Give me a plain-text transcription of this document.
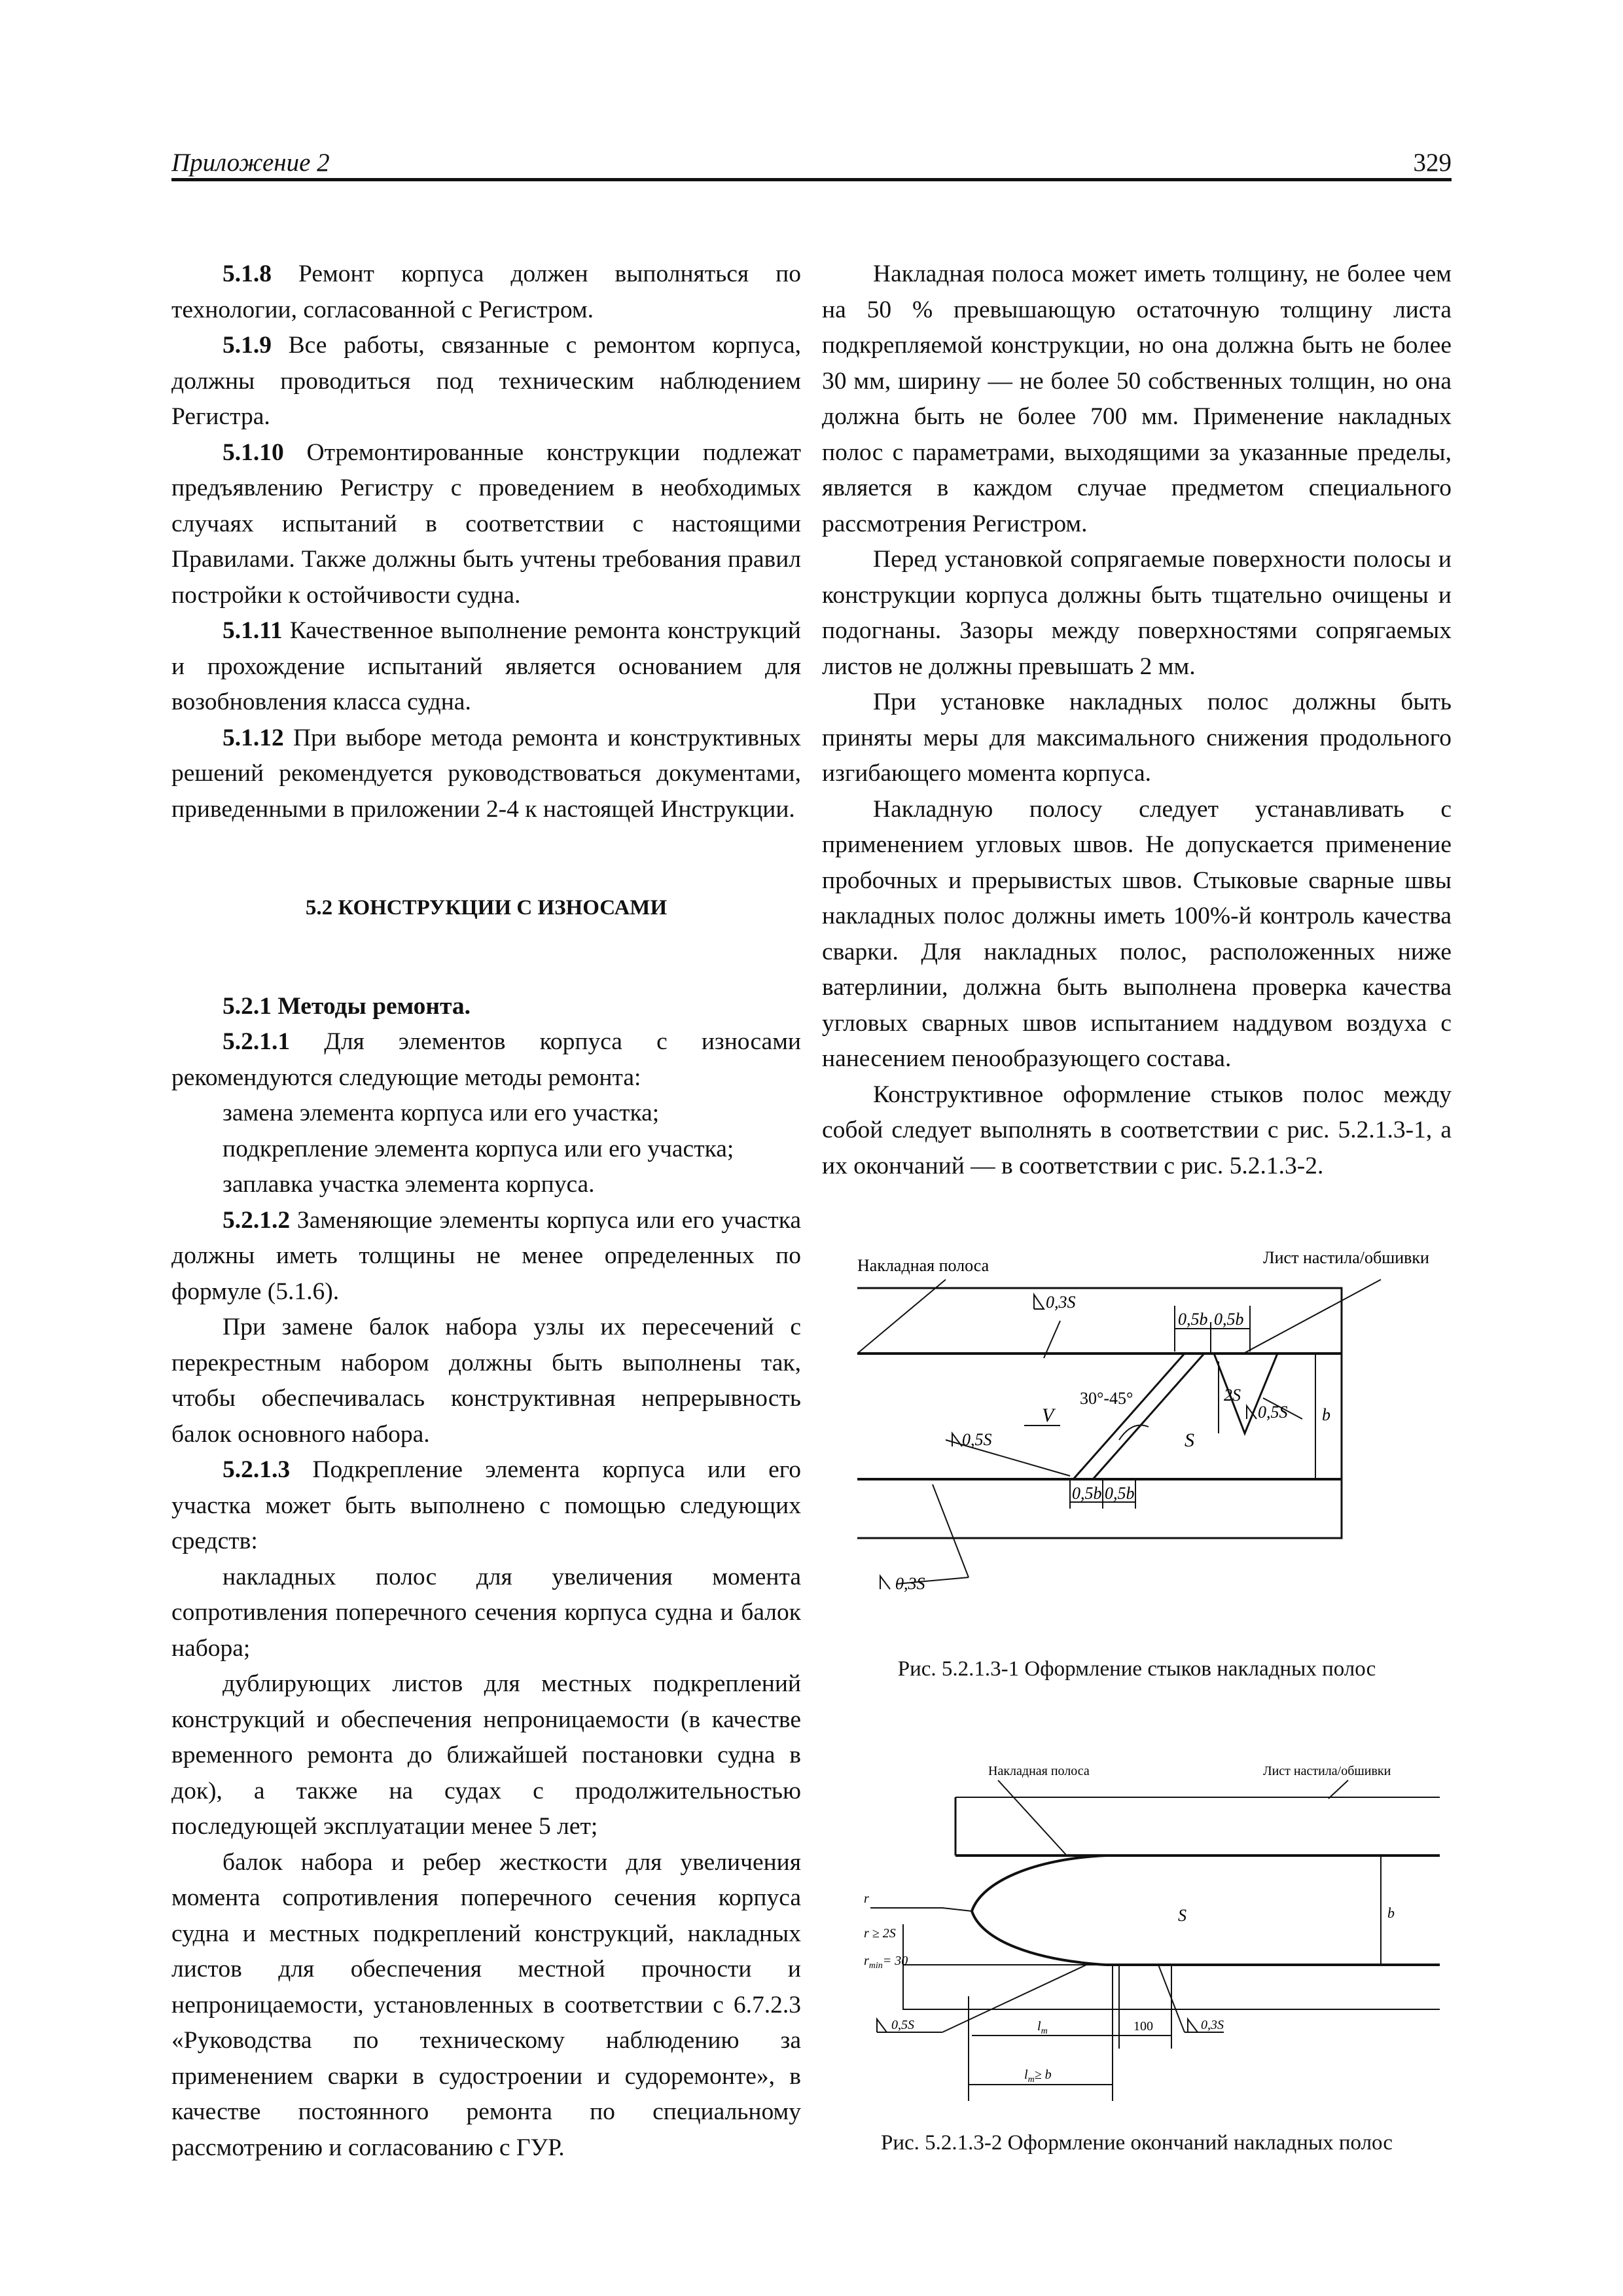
Приложение 2	329

5.1.8 Ремонт корпуса должен выполняться по технологии, согласованной с Регистром.

5.1.9 Все работы, связанные с ремонтом корпуса, должны проводиться под техническим наблюдением Регистра.

5.1.10 Отремонтированные конструкции подлежат предъявлению Регистру с проведением в необходимых случаях испытаний в соответствии с настоящими Правилами. Также должны быть учтены требования правил постройки к остойчивости судна.

5.1.11 Качественное выполнение ремонта конструкций и прохождение испытаний является основанием для возобновления класса судна.

5.1.12 При выборе метода ремонта и конструктивных решений рекомендуется руководствоваться документами, приведенными в приложении 2-4 к настоящей Инструкции.

5.2 КОНСТРУКЦИИ С ИЗНОСАМИ

5.2.1 Методы ремонта.

5.2.1.1 Для элементов корпуса с износами рекомендуются следующие методы ремонта:

замена элемента корпуса или его участка;

подкрепление элемента корпуса или его участка;

заплавка участка элемента корпуса.

5.2.1.2 Заменяющие элементы корпуса или его участка должны иметь толщины не менее определенных по формуле (5.1.6).

При замене балок набора узлы их пересечений с перекрестным набором должны быть выполнены так, чтобы обеспечивалась конструктивная непрерывность балок основного набора.

5.2.1.3 Подкрепление элемента корпуса или его участка может быть выполнено с помощью следующих средств:

накладных полос для увеличения момента сопротивления поперечного сечения корпуса судна и балок набора;

дублирующих листов для местных подкреплений конструкций и обеспечения непроницаемости (в качестве временного ремонта до ближайшей постановки судна в док), а также на судах с продолжительностью последующей эксплуатации менее 5 лет;

балок набора и ребер жесткости для увеличения момента сопротивления поперечного сечения корпуса судна и местных подкреплений конструкций, накладных листов для обеспечения местной прочности и непроницаемости, установленных в соответствии с 6.7.2.3 «Руководства по техническому наблюдению за применением сварки в судостроении и судоремонте», в качестве постоянного ремонта по специальному рассмотрению и согласованию с ГУР.

Накладная полоса может иметь толщину, не более чем на 50 % превышающую остаточную толщину листа подкрепляемой конструкции, но она должна быть не более 30 мм, ширину — не более 50 собственных толщин, но она должна быть не более 700 мм. Применение накладных полос с параметрами, выходящими за указанные пределы, является в каждом случае предметом специального рассмотрения Регистром.

Перед установкой сопрягаемые поверхности полосы и конструкции корпуса должны быть тщательно очищены и подогнаны. Зазоры между поверхностями сопрягаемых листов не должны превышать 2 мм.

При установке накладных полос должны быть приняты меры для максимального снижения продольного изгибающего момента корпуса.

Накладную полосу следует устанавливать с применением угловых швов. Не допускается применение пробочных и прерывистых швов. Стыковые сварные швы накладных полос должны иметь 100%-й контроль качества сварки. Для накладных полос, расположенных ниже ватерлинии, должна быть выполнена проверка качества угловых сварных швов испытанием наддувом воздуха с нанесением пенообразующего состава.

Конструктивное оформление стыков полос между собой следует выполнять в соответствии с рис. 5.2.1.3-1, а их окончаний — в соответствии с рис. 5.2.1.3-2.

Накладная полоса	Лист настила/обшивки
0,3S
0,3S
0,5S
0,5S
0,5b 0,5b
0,5b 0,5b
2S
b
30°-45°
V
S
Рис. 5.2.1.3-1 Оформление стыков накладных полос
Накладная полоса	Лист настила/обшивки
r
r ≥ 2S
$r_{min}= 30$
0,5S	0,3S
S	b
$l_m$	100
$l_m\ge b$
Рис. 5.2.1.3-2 Оформление окончаний накладных полос
